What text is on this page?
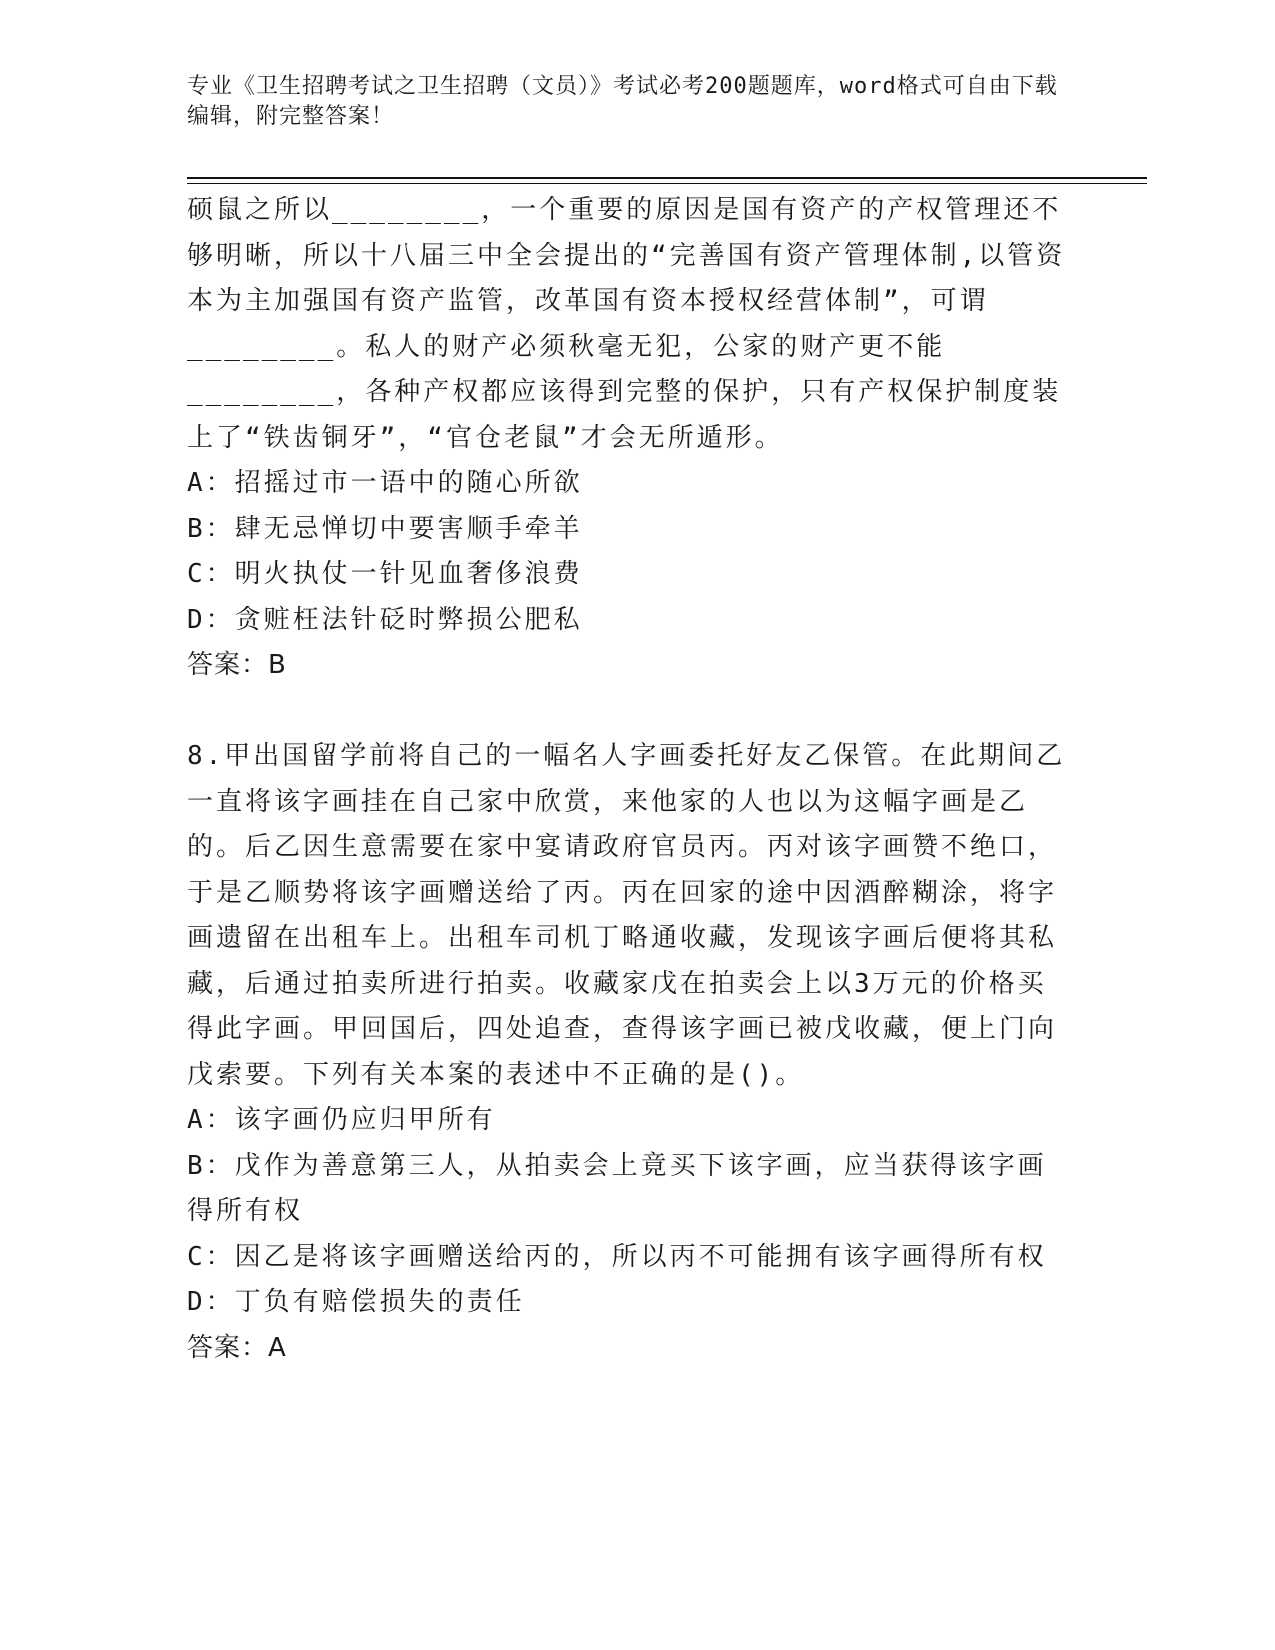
专业《卫生招聘考试之卫生招聘（文员）》考试必考200题题库，word格式可自由下载编辑，附完整答案！

硕鼠之所以________，一个重要的原因是国有资产的产权管理还不够明晰，所以十八届三中全会提出的“完善国有资产管理体制,以管资本为主加强国有资产监管，改革国有资本授权经营体制”，可谓________。私人的财产必须秋毫无犯，公家的财产更不能________，各种产权都应该得到完整的保护，只有产权保护制度装上了“铁齿铜牙”，“官仓老鼠”才会无所遁形。

A：招摇过市一语中的随心所欲

B：肆无忌惮切中要害顺手牵羊

C：明火执仗一针见血奢侈浪费

D：贪赃枉法针砭时弊损公肥私

答案：B

8.甲出国留学前将自己的一幅名人字画委托好友乙保管。在此期间乙一直将该字画挂在自己家中欣赏，来他家的人也以为这幅字画是乙的。后乙因生意需要在家中宴请政府官员丙。丙对该字画赞不绝口，于是乙顺势将该字画赠送给了丙。丙在回家的途中因酒醉糊涂，将字画遗留在出租车上。出租车司机丁略通收藏，发现该字画后便将其私藏，后通过拍卖所进行拍卖。收藏家戊在拍卖会上以3万元的价格买得此字画。甲回国后，四处追查，查得该字画已被戊收藏，便上门向戊索要。下列有关本案的表述中不正确的是()。

A：该字画仍应归甲所有

B：戊作为善意第三人，从拍卖会上竟买下该字画，应当获得该字画得所有权

C：因乙是将该字画赠送给丙的，所以丙不可能拥有该字画得所有权

D：丁负有赔偿损失的责任

答案：A
